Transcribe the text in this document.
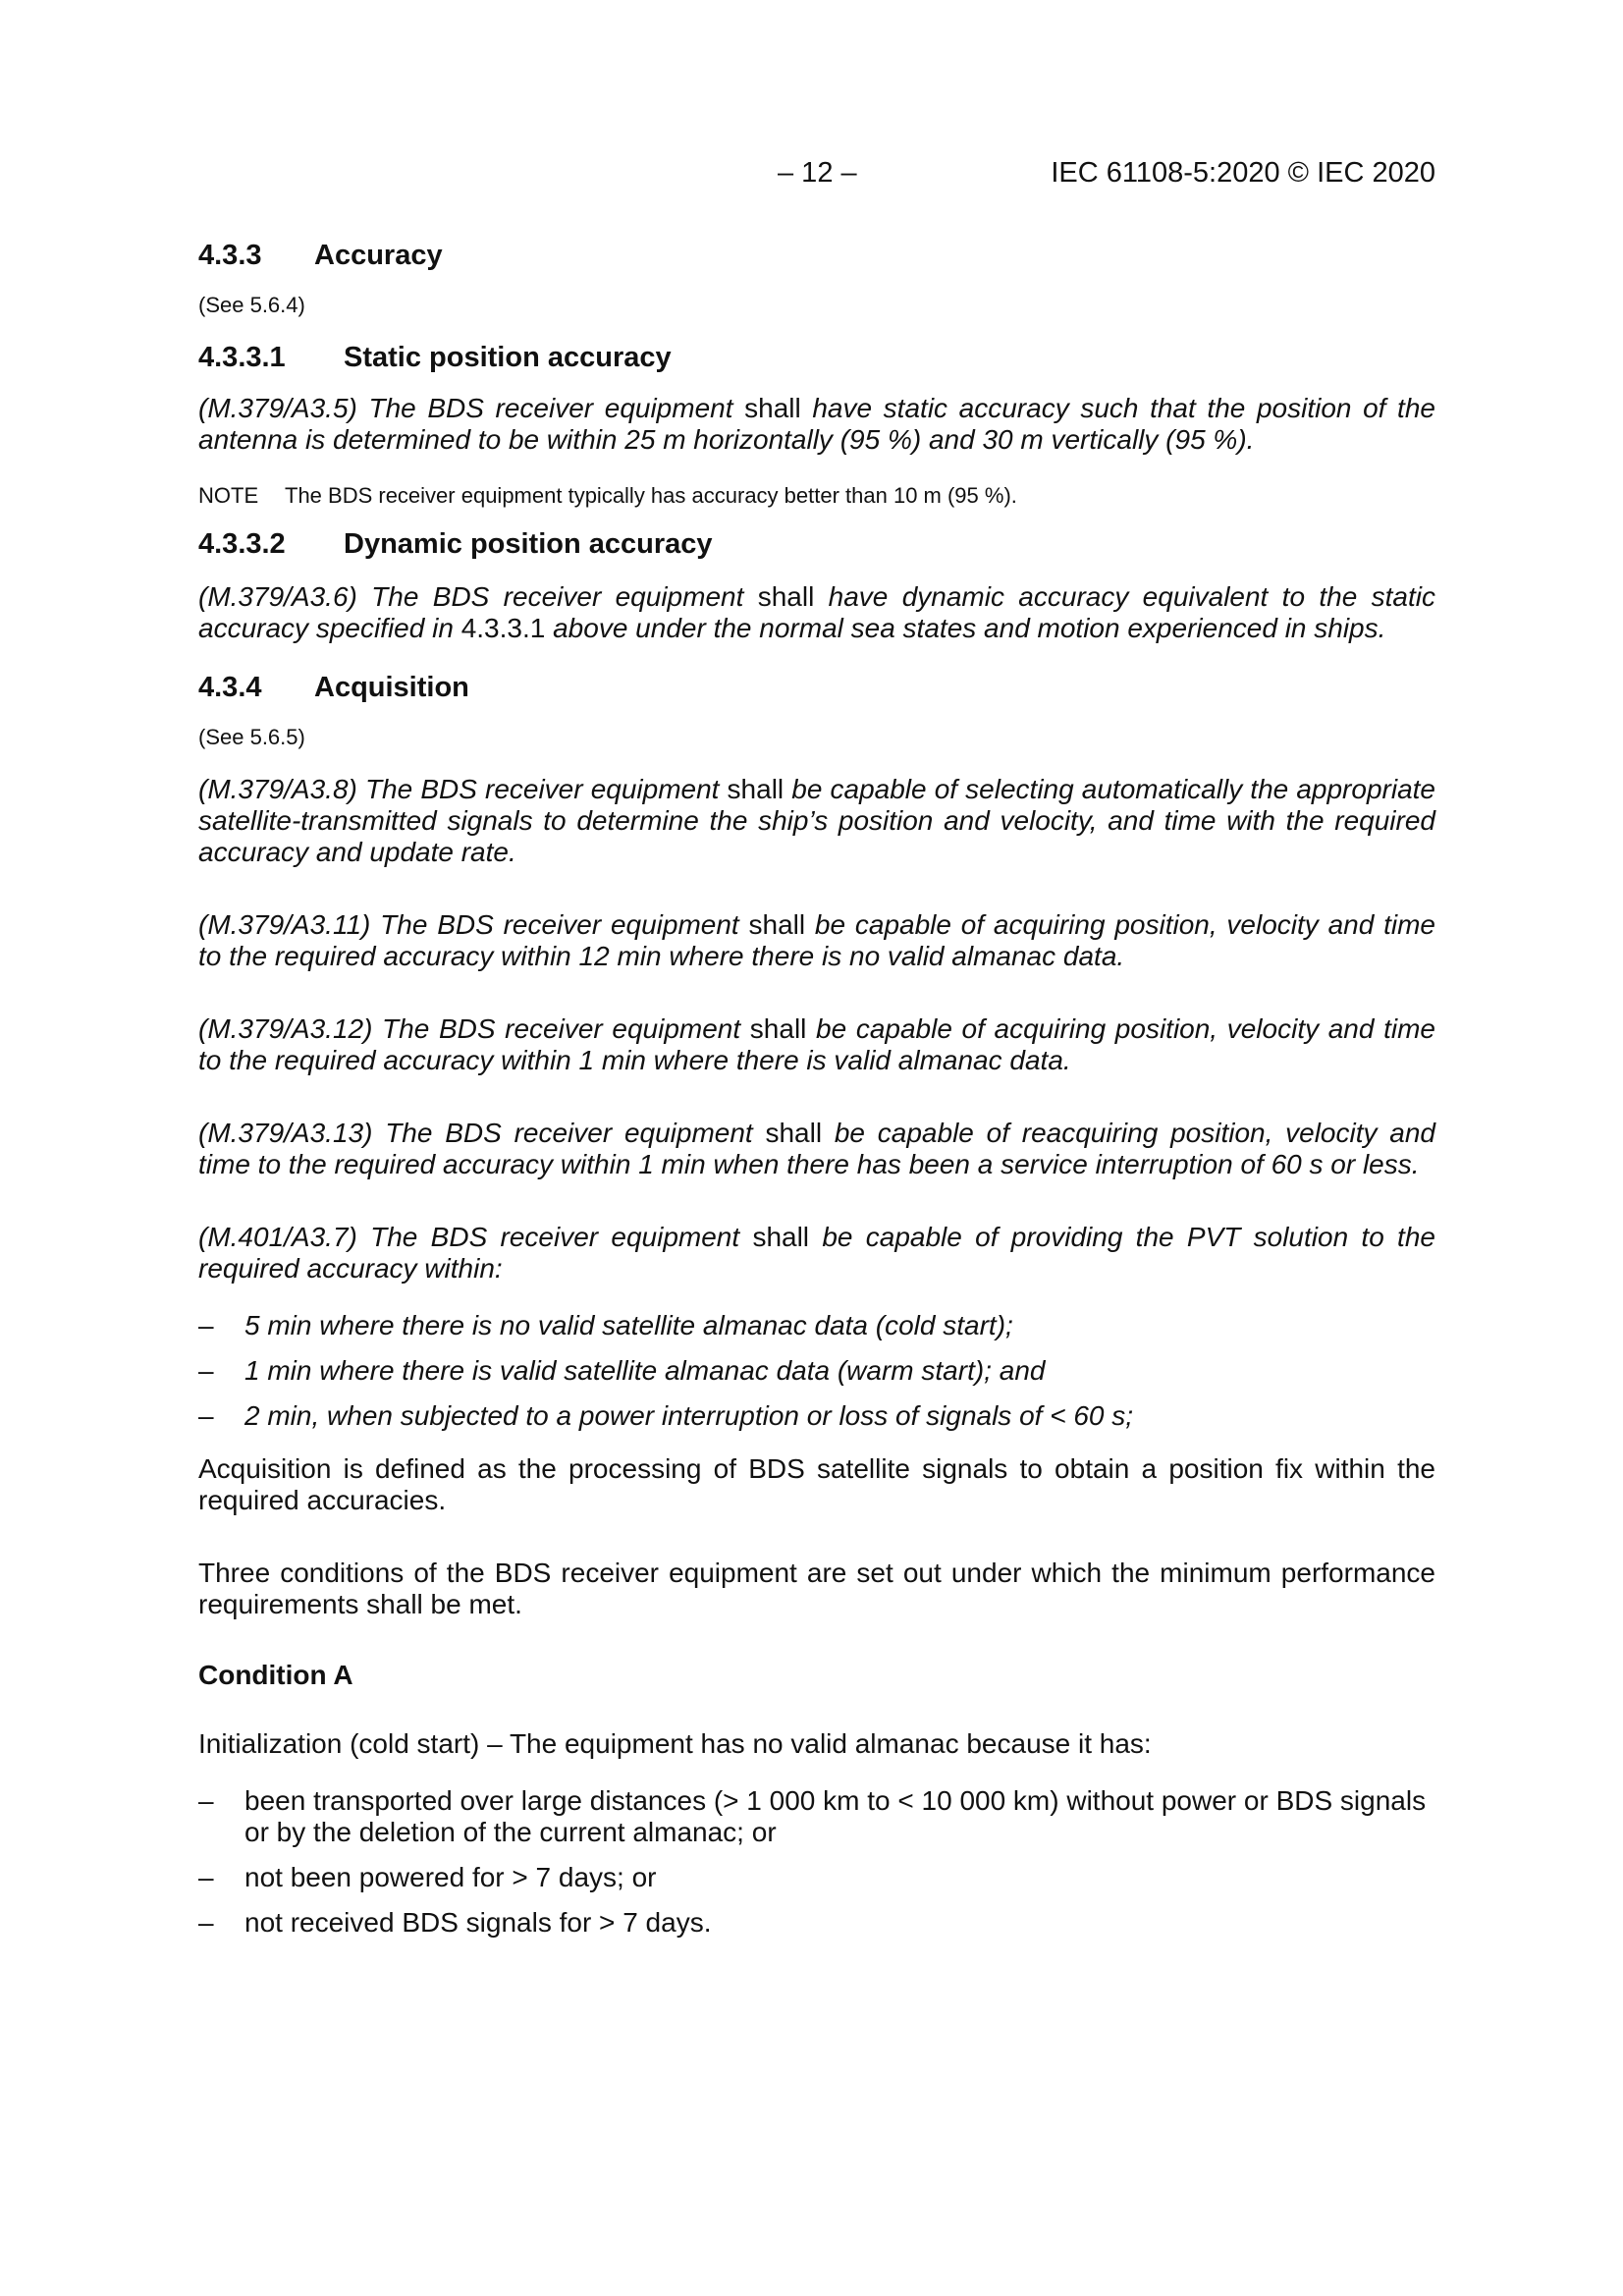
– 12 –	IEC 61108-5:2020 © IEC 2020
4.3.3 Accuracy

(See 5.6.4)

4.3.3.1 Static position accuracy

(M.379/A3.5) The BDS receiver equipment shall have static accuracy such that the position of the antenna is determined to be within 25 m horizontally (95 %) and 30 m vertically (95 %).

NOTE The BDS receiver equipment typically has accuracy better than 10 m (95 %).

4.3.3.2 Dynamic position accuracy

(M.379/A3.6) The BDS receiver equipment shall have dynamic accuracy equivalent to the static accuracy specified in 4.3.3.1 above under the normal sea states and motion experienced in ships.

4.3.4 Acquisition

(See 5.6.5)

(M.379/A3.8) The BDS receiver equipment shall be capable of selecting automatically the appropriate satellite-transmitted signals to determine the ship’s position and velocity, and time with the required accuracy and update rate.

(M.379/A3.11) The BDS receiver equipment shall be capable of acquiring position, velocity and time to the required accuracy within 12 min where there is no valid almanac data.

(M.379/A3.12) The BDS receiver equipment shall be capable of acquiring position, velocity and time to the required accuracy within 1 min where there is valid almanac data.

(M.379/A3.13) The BDS receiver equipment shall be capable of reacquiring position, velocity and time to the required accuracy within 1 min when there has been a service interruption of 60 s or less.

(M.401/A3.7) The BDS receiver equipment shall be capable of providing the PVT solution to the required accuracy within:

– 5 min where there is no valid satellite almanac data (cold start);
– 1 min where there is valid satellite almanac data (warm start); and
– 2 min, when subjected to a power interruption or loss of signals of < 60 s;

Acquisition is defined as the processing of BDS satellite signals to obtain a position fix within the required accuracies.

Three conditions of the BDS receiver equipment are set out under which the minimum performance requirements shall be met.

Condition A

Initialization (cold start) – The equipment has no valid almanac because it has:

– been transported over large distances (> 1 000 km to < 10 000 km) without power or BDS signals or by the deletion of the current almanac; or
– not been powered for > 7 days; or
– not received BDS signals for > 7 days.
